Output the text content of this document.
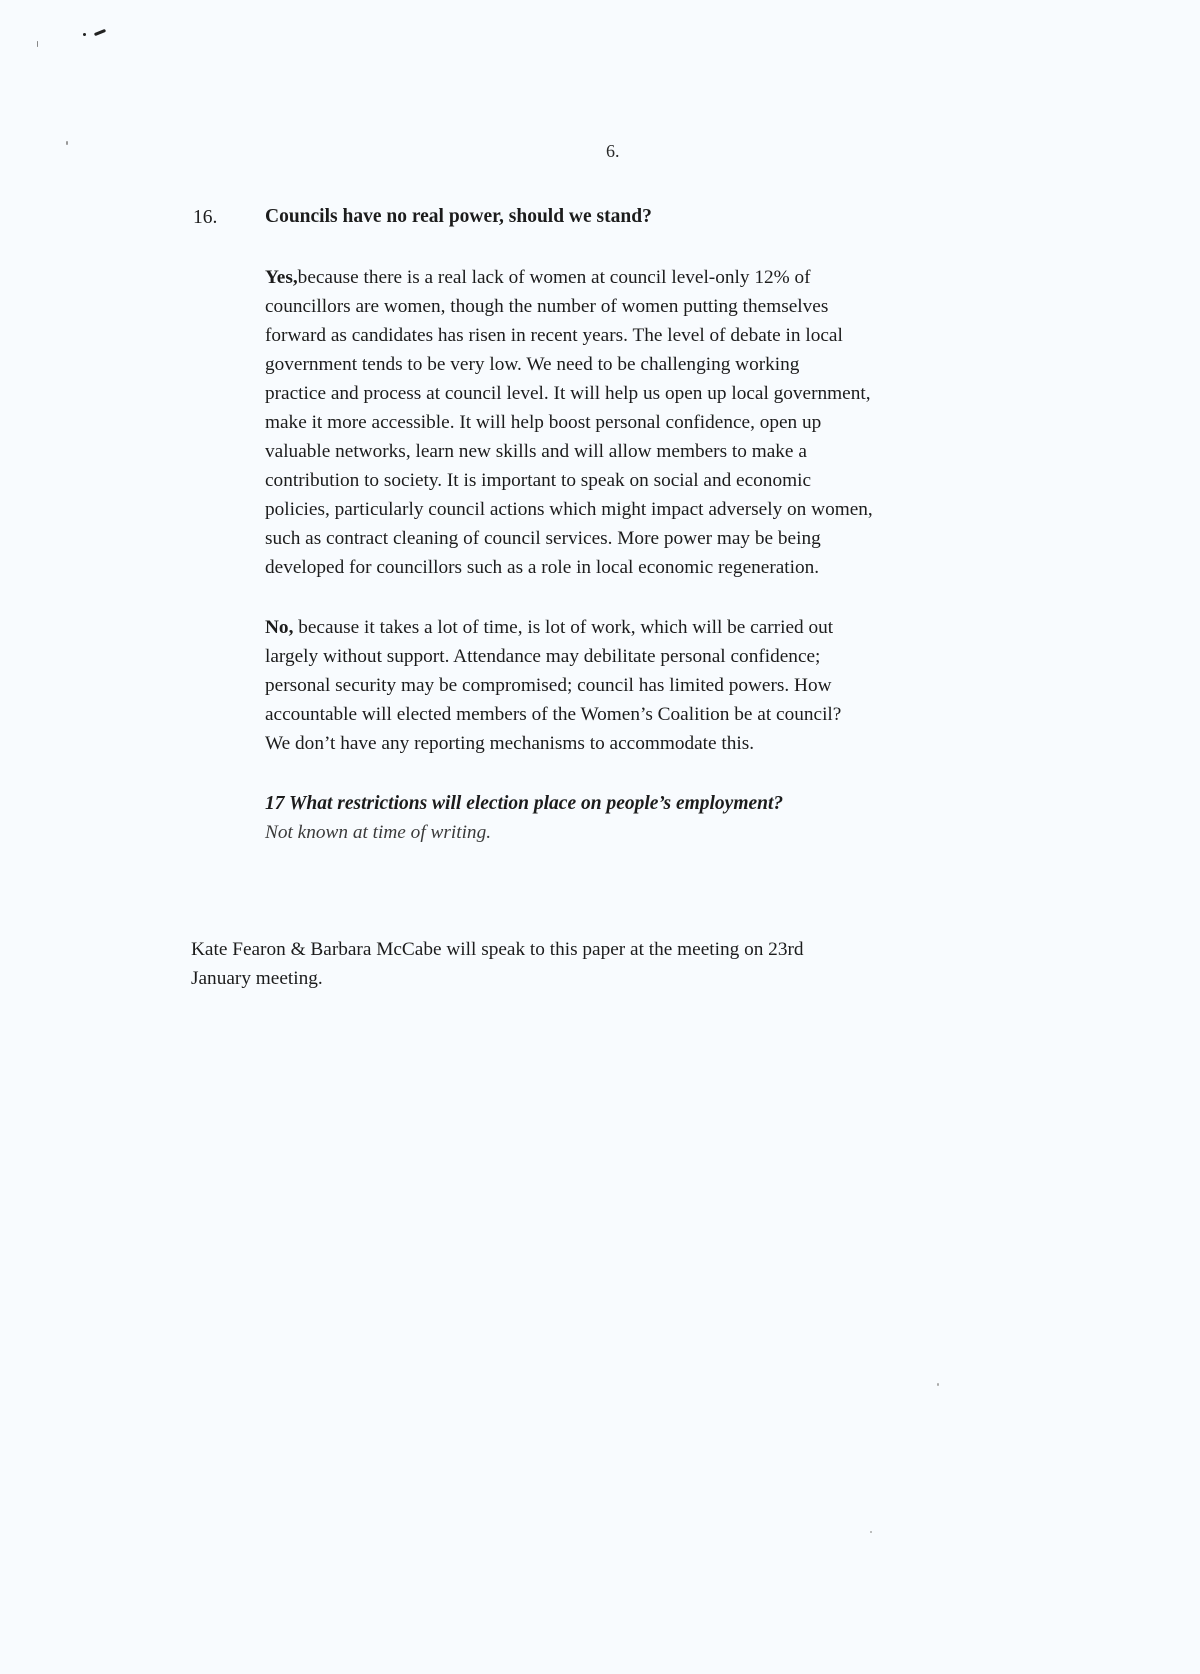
6.
16. Councils have no real power, should we stand?

Yes,because there is a real lack of women at council level-only 12% of
councillors are women, though the number of women putting themselves
forward as candidates has risen in recent years. The level of debate in local
government tends to be very low. We need to be challenging working
practice and process at council level. It will help us open up local government,
make it more accessible. It will help boost personal confidence, open up
valuable networks, learn new skills and will allow members to make a
contribution to society. It is important to speak on social and economic
policies, particularly council actions which might impact adversely on women,
such as contract cleaning of council services. More power may be being
developed for councillors such as a role in local economic regeneration.

No, because it takes a lot of time, is lot of work, which will be carried out
largely without support. Attendance may debilitate personal confidence;
personal security may be compromised; council has limited powers. How
accountable will elected members of the Women’s Coalition be at council?
We don’t have any reporting mechanisms to accommodate this.

17 What restrictions will election place on people’s employment?
Not known at time of writing.

Kate Fearon & Barbara McCabe will speak to this paper at the meeting on 23rd
January meeting.
